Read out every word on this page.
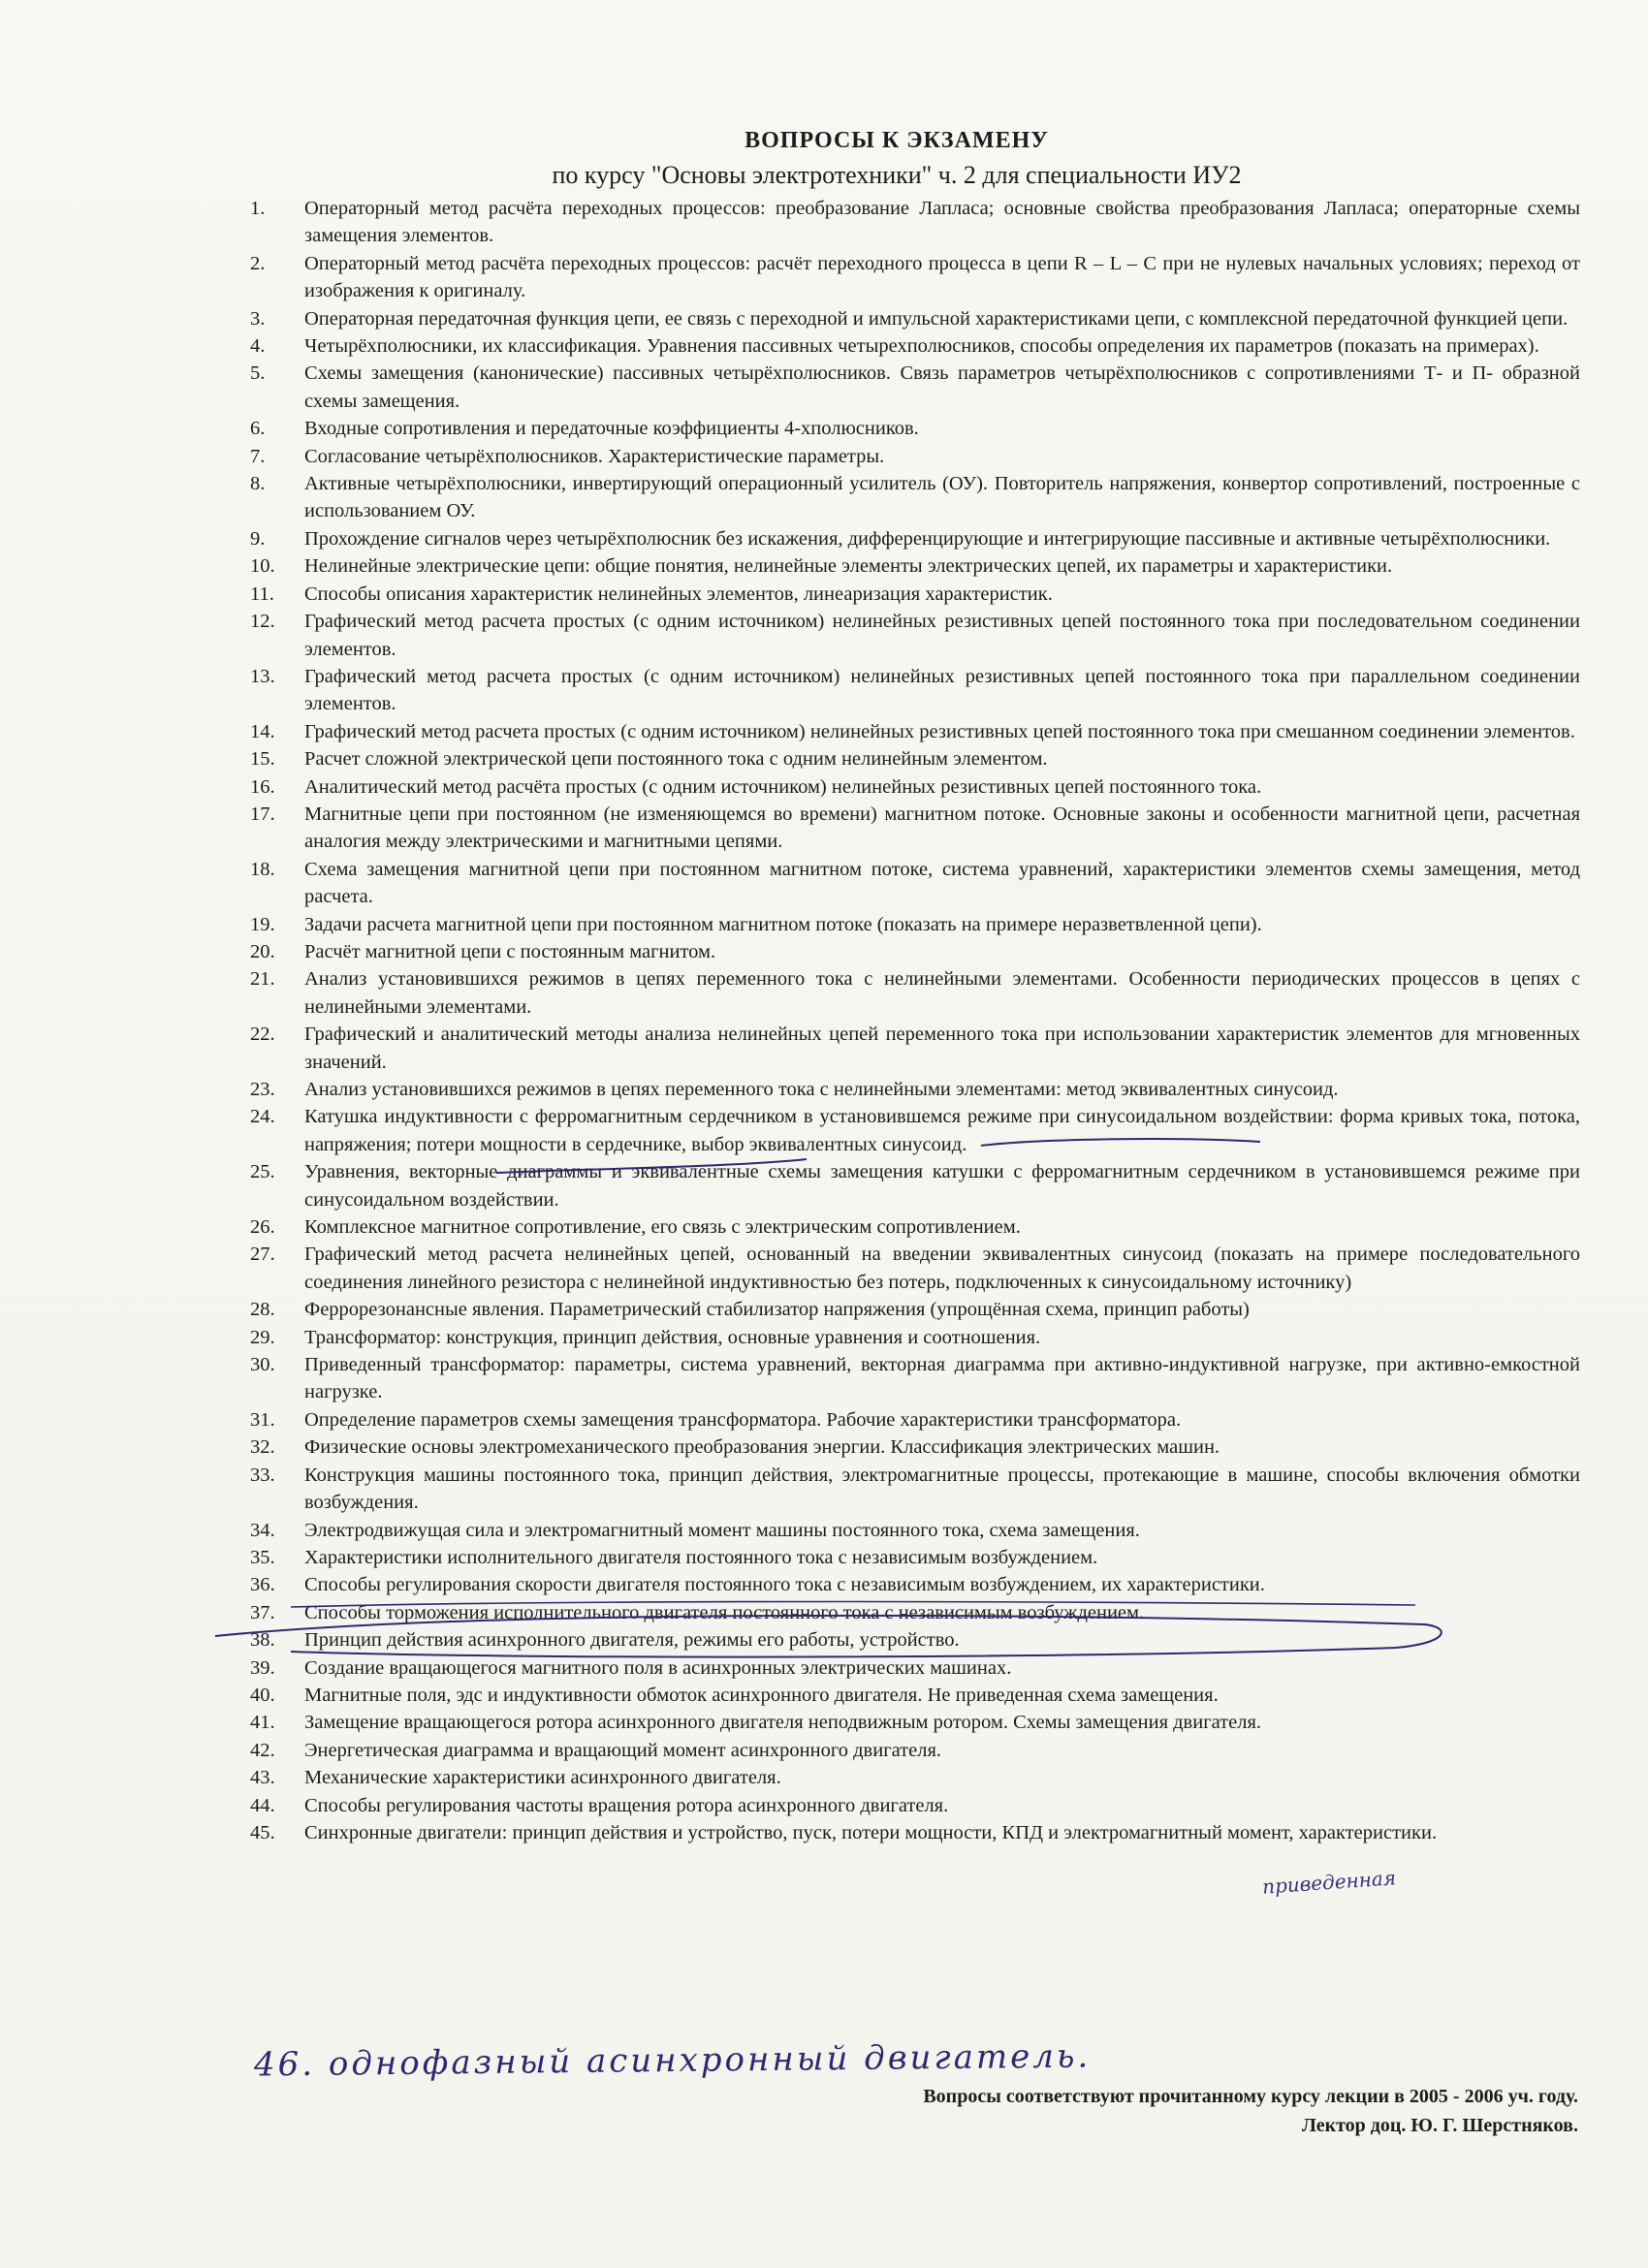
ВОПРОСЫ К ЭКЗАМЕНУ
по курсу "Основы электротехники" ч. 2 для специальности ИУ2
1.	Операторный метод расчёта переходных процессов: преобразование Лапласа; основные свойства преобразования Лапласа; операторные схемы замещения элементов.
2.	Операторный метод расчёта переходных процессов: расчёт переходного процесса в цепи R – L – C при не нулевых начальных условиях; переход от изображения к оригиналу.
3.	Операторная передаточная функция цепи, ее связь с переходной и импульсной характеристиками цепи, с комплексной передаточной функцией цепи.
4.	Четырёхполюсники, их классификация. Уравнения пассивных четырехполюсников, способы определения их параметров (показать на примерах).
5.	Схемы замещения (канонические) пассивных четырёхполюсников. Связь параметров четырёхполюсников с сопротивлениями Т- и П- образной схемы замещения.
6.	Входные сопротивления и передаточные коэффициенты 4-хполюсников.
7.	Согласование четырёхполюсников. Характеристические параметры.
8.	Активные четырёхполюсники, инвертирующий операционный усилитель (ОУ). Повторитель напряжения, конвертор сопротивлений, построенные с использованием ОУ.
9.	Прохождение сигналов через четырёхполюсник без искажения, дифференцирующие и интегрирующие пассивные и активные четырёхполюсники.
10.	Нелинейные электрические цепи: общие понятия, нелинейные элементы электрических цепей, их параметры и характеристики.
11.	Способы описания характеристик нелинейных элементов, линеаризация характеристик.
12.	Графический метод расчета простых (с одним источником) нелинейных резистивных цепей постоянного тока при последовательном соединении элементов.
13.	Графический метод расчета простых (с одним источником) нелинейных резистивных цепей постоянного тока при параллельном соединении элементов.
14.	Графический метод расчета простых (с одним источником) нелинейных резистивных цепей постоянного тока при смешанном соединении элементов.
15.	Расчет сложной электрической цепи постоянного тока с одним нелинейным элементом.
16.	Аналитический метод расчёта простых (с одним источником) нелинейных резистивных цепей постоянного тока.
17.	Магнитные цепи при постоянном (не изменяющемся во времени) магнитном потоке. Основные законы и особенности магнитной цепи, расчетная аналогия между электрическими и магнитными цепями.
18.	Схема замещения магнитной цепи при постоянном магнитном потоке, система уравнений, характеристики элементов схемы замещения, метод расчета.
19.	Задачи расчета магнитной цепи при постоянном магнитном потоке (показать на примере неразветвленной цепи).
20.	Расчёт магнитной цепи с постоянным магнитом.
21.	Анализ установившихся режимов в цепях переменного тока с нелинейными элементами. Особенности периодических процессов в цепях с нелинейными элементами.
22.	Графический и аналитический методы анализа нелинейных цепей переменного тока при использовании характеристик элементов для мгновенных значений.
23.	Анализ установившихся режимов в цепях переменного тока с нелинейными элементами: метод эквивалентных синусоид.
24.	Катушка индуктивности с ферромагнитным сердечником в установившемся режиме при синусоидальном воздействии: форма кривых тока, потока, напряжения; потери мощности в сердечнике, выбор эквивалентных синусоид.
25.	Уравнения, векторные диаграммы и эквивалентные схемы замещения катушки с ферромагнитным сердечником в установившемся режиме при синусоидальном воздействии.
26.	Комплексное магнитное сопротивление, его связь с электрическим сопротивлением.
27.	Графический метод расчета нелинейных цепей, основанный на введении эквивалентных синусоид (показать на примере последовательного соединения линейного резистора с нелинейной индуктивностью без потерь, подключенных к синусоидальному источнику)
28.	Феррорезонансные явления. Параметрический стабилизатор напряжения (упрощённая схема, принцип работы)
29.	Трансформатор: конструкция, принцип действия, основные уравнения и соотношения.
30.	Приведенный трансформатор: параметры, система уравнений, векторная диаграмма при активно-индуктивной нагрузке, при активно-емкостной нагрузке.
31.	Определение параметров схемы замещения трансформатора. Рабочие характеристики трансформатора.
32.	Физические основы электромеханического преобразования энергии. Классификация электрических машин.
33.	Конструкция машины постоянного тока, принцип действия, электромагнитные процессы, протекающие в машине, способы включения обмотки возбуждения.
34.	Электродвижущая сила и электромагнитный момент машины постоянного тока, схема замещения.
35.	Характеристики исполнительного двигателя постоянного тока с независимым возбуждением.
36.	Способы регулирования скорости двигателя постоянного тока с независимым возбуждением, их характеристики.
37.	Способы торможения исполнительного двигателя постоянного тока с независимым возбуждением.
38.	Принцип действия асинхронного двигателя, режимы его работы, устройство.
39.	Создание вращающегося магнитного поля в асинхронных электрических машинах.
40.	Магнитные поля, эдс и индуктивности обмоток асинхронного двигателя. Не приведенная схема замещения.
41.	Замещение вращающегося ротора асинхронного двигателя неподвижным ротором. Схемы замещения двигателя.
42.	Энергетическая диаграмма и вращающий момент асинхронного двигателя.
43.	Механические характеристики асинхронного двигателя.
44.	Способы регулирования частоты вращения ротора асинхронного двигателя.
45.	Синхронные двигатели: принцип действия и устройство, пуск, потери мощности, КПД и электромагнитный момент, характеристики.
46. однофазный асинхронный двигатель.
приведенная
Вопросы соответствуют прочитанному курсу лекции в 2005 - 2006 уч. году.
Лектор доц. Ю. Г. Шерстняков.
